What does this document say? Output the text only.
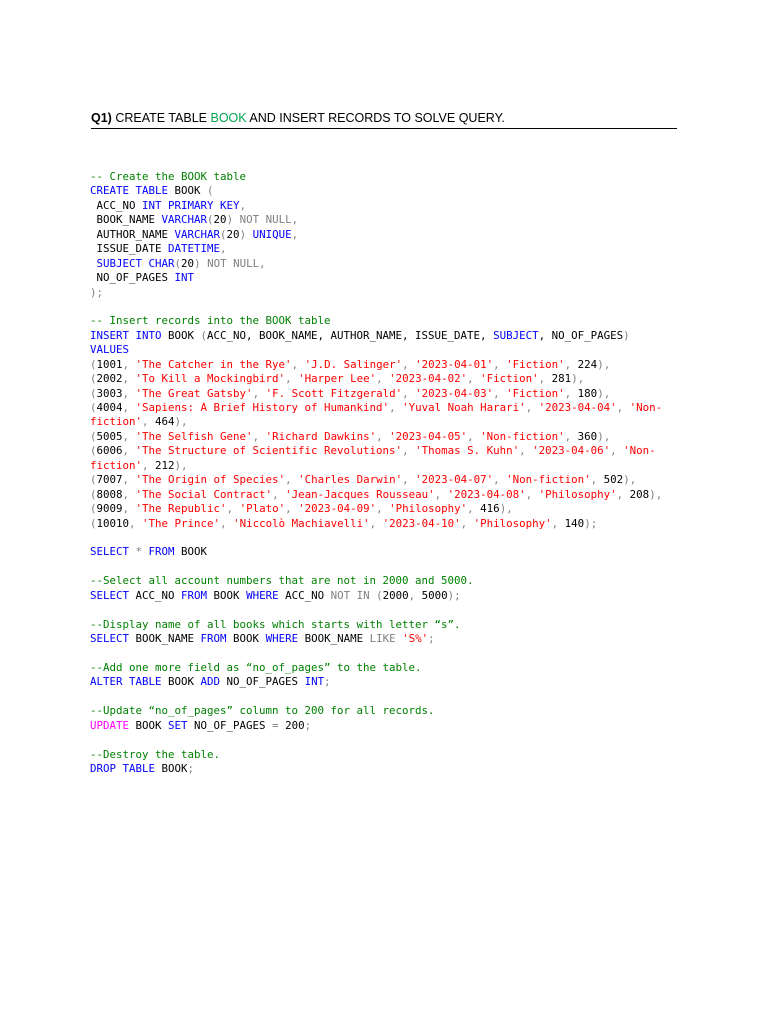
Q1) CREATE TABLE BOOK AND INSERT RECORDS TO SOLVE QUERY.
-- Create the BOOK table
CREATE TABLE BOOK (
ACC_NO INT PRIMARY KEY,
BOOK_NAME VARCHAR(20) NOT NULL,
AUTHOR_NAME VARCHAR(20) UNIQUE,
ISSUE_DATE DATETIME,
SUBJECT CHAR(20) NOT NULL,
NO_OF_PAGES INT
);

-- Insert records into the BOOK table
INSERT INTO BOOK (ACC_NO, BOOK_NAME, AUTHOR_NAME, ISSUE_DATE, SUBJECT, NO_OF_PAGES)
VALUES
(1001, 'The Catcher in the Rye', 'J.D. Salinger', '2023-04-01', 'Fiction', 224),
(2002, 'To Kill a Mockingbird', 'Harper Lee', '2023-04-02', 'Fiction', 281),
(3003, 'The Great Gatsby', 'F. Scott Fitzgerald', '2023-04-03', 'Fiction', 180),
(4004, 'Sapiens: A Brief History of Humankind', 'Yuval Noah Harari', '2023-04-04', 'Non-
fiction', 464),
(5005, 'The Selfish Gene', 'Richard Dawkins', '2023-04-05', 'Non-fiction', 360),
(6006, 'The Structure of Scientific Revolutions', 'Thomas S. Kuhn', '2023-04-06', 'Non-
fiction', 212),
(7007, 'The Origin of Species', 'Charles Darwin', '2023-04-07', 'Non-fiction', 502),
(8008, 'The Social Contract', 'Jean-Jacques Rousseau', '2023-04-08', 'Philosophy', 208),
(9009, 'The Republic', 'Plato', '2023-04-09', 'Philosophy', 416),
(10010, 'The Prince', 'Niccolò Machiavelli', '2023-04-10', 'Philosophy', 140);

SELECT * FROM BOOK

--Select all account numbers that are not in 2000 and 5000.
SELECT ACC_NO FROM BOOK WHERE ACC_NO NOT IN (2000, 5000);

--Display name of all books which starts with letter “s”.
SELECT BOOK_NAME FROM BOOK WHERE BOOK_NAME LIKE 'S%';

--Add one more field as “no_of_pages” to the table.
ALTER TABLE BOOK ADD NO_OF_PAGES INT;

--Update “no_of_pages” column to 200 for all records.
UPDATE BOOK SET NO_OF_PAGES = 200;

--Destroy the table.
DROP TABLE BOOK;
